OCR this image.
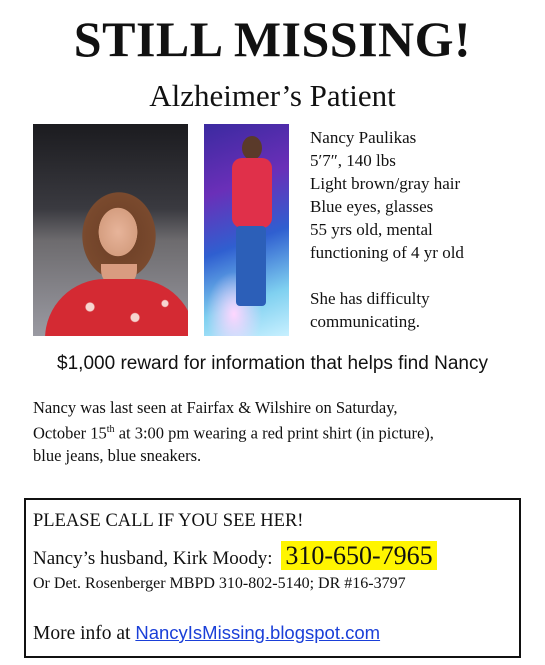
STILL MISSING!
Alzheimer’s Patient
Nancy Paulikas
5′7″, 140 lbs
Light brown/gray hair
Blue eyes, glasses
55 yrs old, mental
functioning of 4 yr old
She has difficulty
communicating.
$1,000 reward for information that helps find Nancy
Nancy was last seen at Fairfax & Wilshire on Saturday,
October 15th at 3:00 pm wearing a red print shirt (in picture),
blue jeans, blue sneakers.
PLEASE CALL IF YOU SEE HER!
Nancy’s husband, Kirk Moody: 310-650-7965
Or Det. Rosenberger MBPD 310-802-5140; DR #16-3797
More info at NancyIsMissing.blogspot.com
